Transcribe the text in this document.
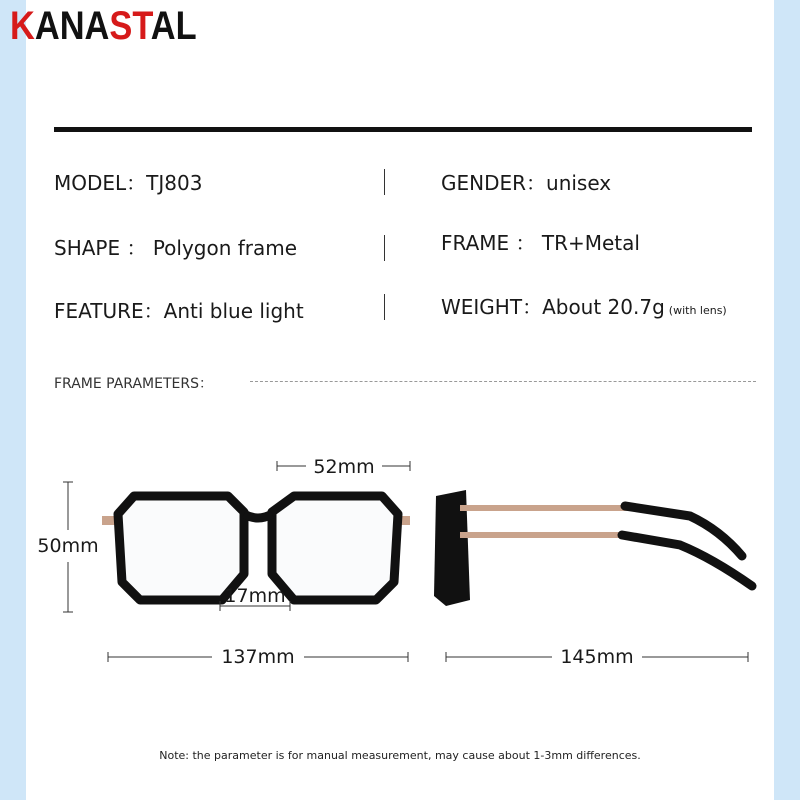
KANASTAL
MODEL：TJ803	GENDER：unisex
SHAPE ： Polygon frame	FRAME ： TR+Metal
FEATURE：Anti blue light	WEIGHT：About 20.7g (with lens)
FRAME PARAMETERS：
52mm
50mm
17mm
137mm	145mm
Note: the parameter is for manual measurement, may cause about 1-3mm differences.
